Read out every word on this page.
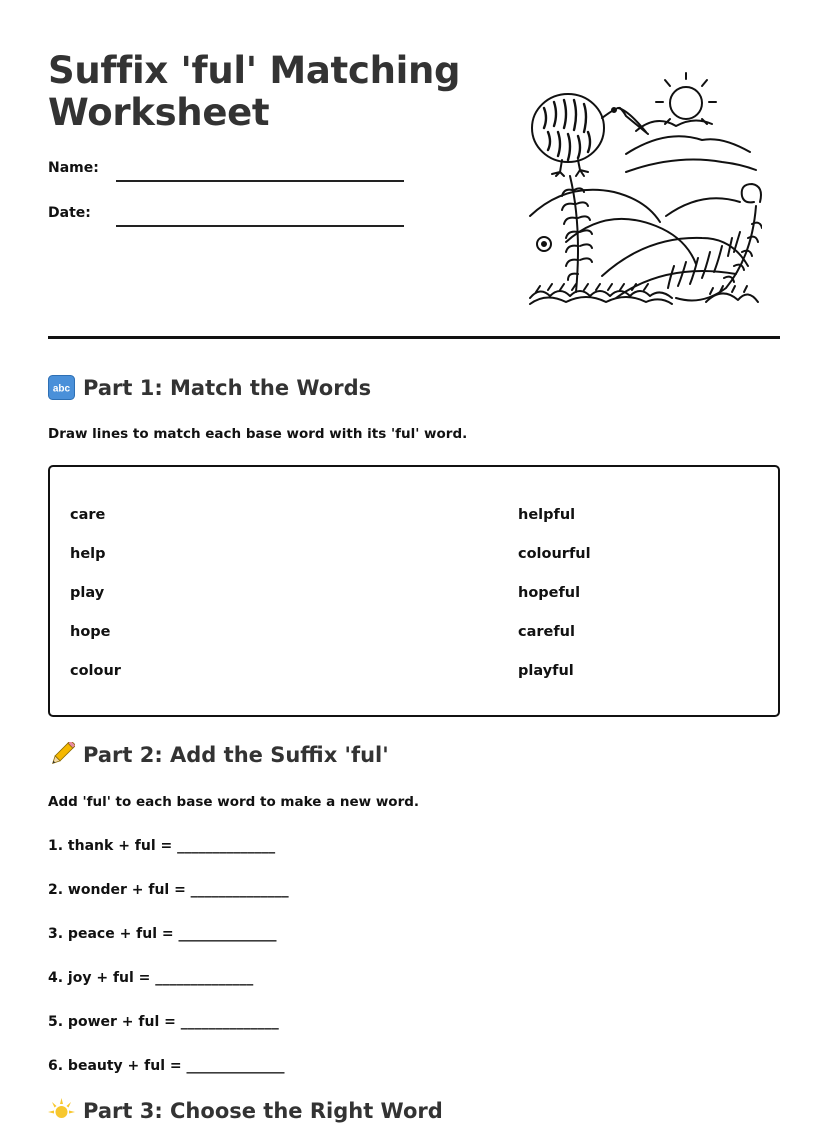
Suffix 'ful' Matching Worksheet
Name:
Date:
abc Part 1: Match the Words
Draw lines to match each base word with its 'ful' word.
care
help
play
hope
colour
helpful
colourful
hopeful
careful
playful
Part 2: Add the Suffix 'ful'
Add 'ful' to each base word to make a new word.
1. thank + ful = ______________
2. wonder + ful = ______________
3. peace + ful = ______________
4. joy + ful = ______________
5. power + ful = ______________
6. beauty + ful = ______________
Part 3: Choose the Right Word
